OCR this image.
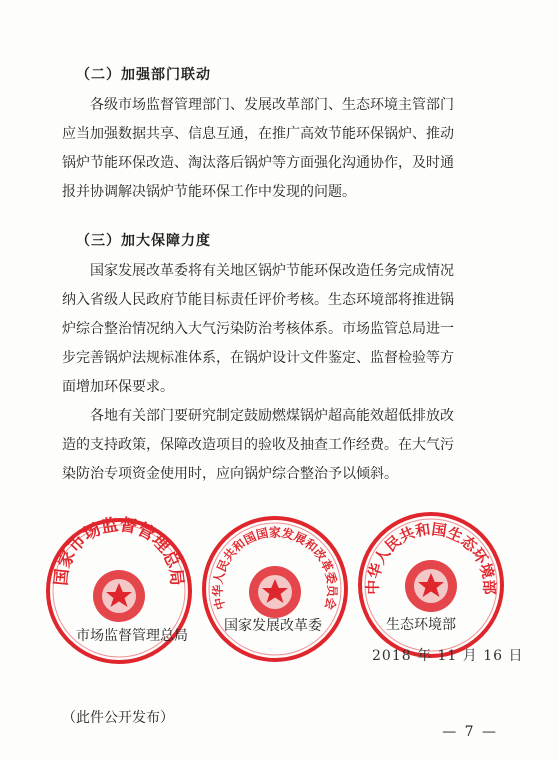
（二）加强部门联动
各级市场监督管理部门、发展改革部门、生态环境主管部门
应当加强数据共享、信息互通，在推广高效节能环保锅炉、推动
锅炉节能环保改造、淘汰落后锅炉等方面强化沟通协作，及时通
报并协调解决锅炉节能环保工作中发现的问题。
（三）加大保障力度
国家发展改革委将有关地区锅炉节能环保改造任务完成情况
纳入省级人民政府节能目标责任评价考核。生态环境部将推进锅
炉综合整治情况纳入大气污染防治考核体系。市场监管总局进一
步完善锅炉法规标准体系，在锅炉设计文件鉴定、监督检验等方
面增加环保要求。
各地有关部门要研究制定鼓励燃煤锅炉超高能效超低排放改
造的支持政策，保障改造项目的验收及抽查工作经费。在大气污
染防治专项资金使用时，应向锅炉综合整治予以倾斜。
国家市场监督管理总局
市场监督管理总局
中华人民共和国国家发展和改革委员会
国家发展改革委
中华人民共和国生态环境部
生态环境部
2018 年 11 月 16 日
（此件公开发布）
— 7 —
